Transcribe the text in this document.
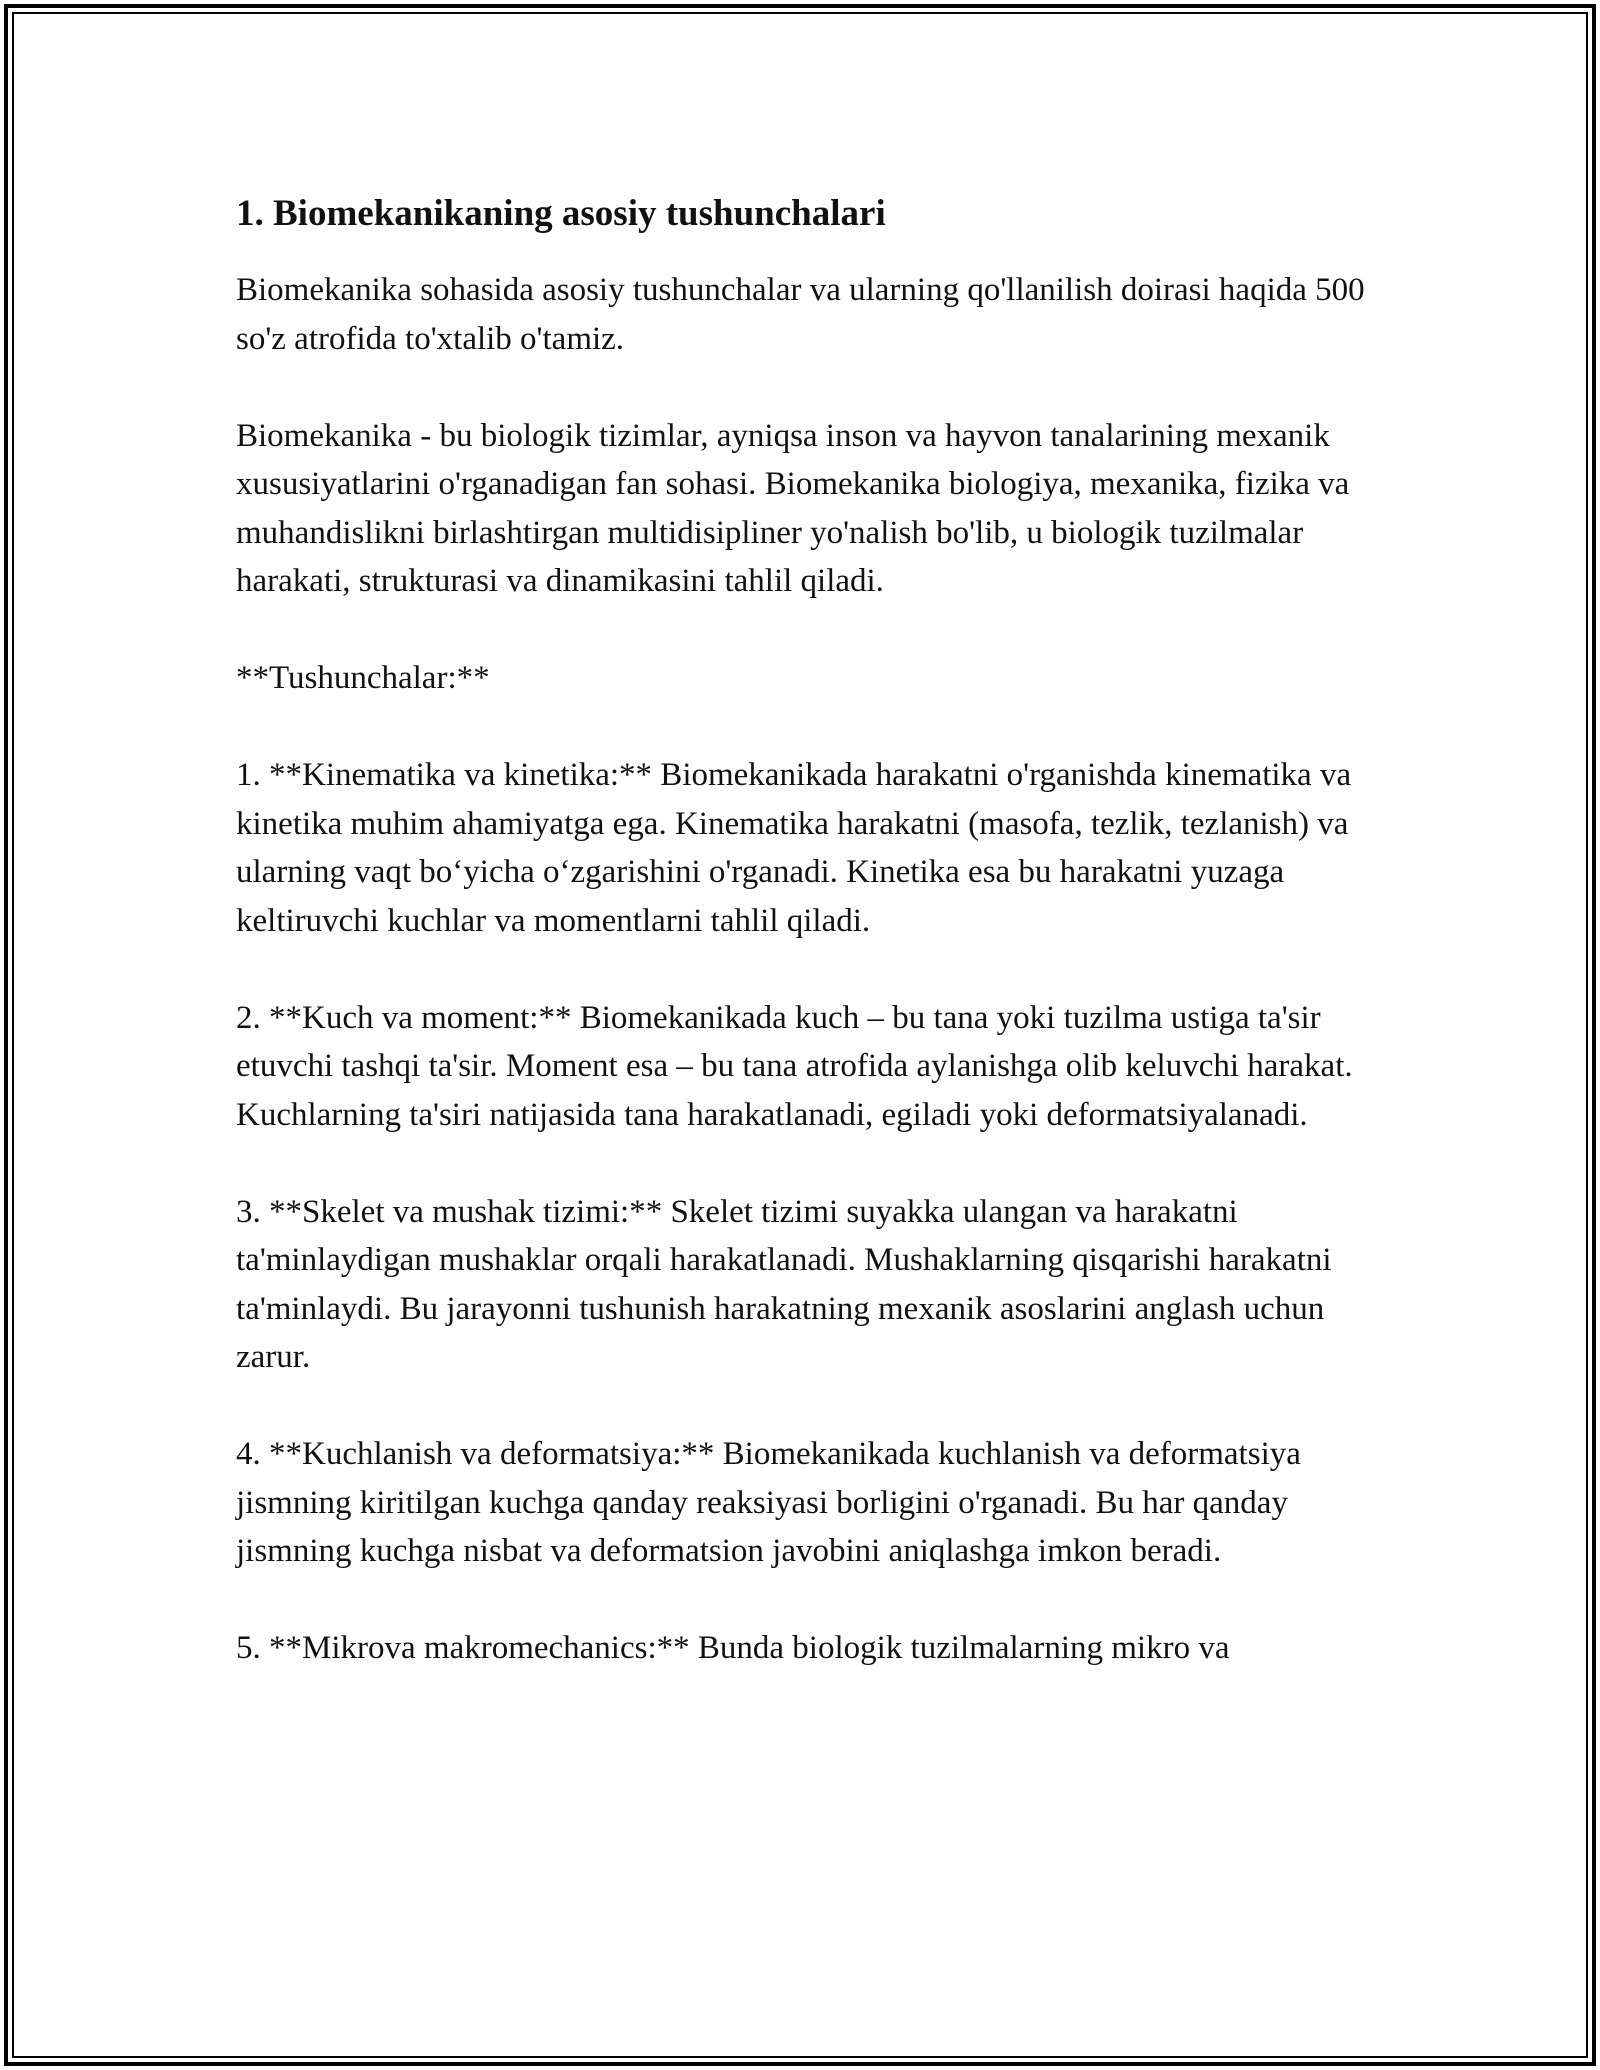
1. Biomekanikaning asosiy tushunchalari

Biomekanika sohasida asosiy tushunchalar va ularning qo'llanilish doirasi haqida 500 so'z atrofida to'xtalib o'tamiz.

Biomekanika - bu biologik tizimlar, ayniqsa inson va hayvon tanalarining mexanik xususiyatlarini o'rganadigan fan sohasi. Biomekanika biologiya, mexanika, fizika va muhandislikni birlashtirgan multidisipliner yo'nalish bo'lib, u biologik tuzilmalar harakati, strukturasi va dinamikasini tahlil qiladi.

**Tushunchalar:**

1. **Kinematika va kinetika:** Biomekanikada harakatni o'rganishda kinematika va kinetika muhim ahamiyatga ega. Kinematika harakatni (masofa, tezlik, tezlanish) va ularning vaqt bo‘yicha o‘zgarishini o'rganadi. Kinetika esa bu harakatni yuzaga keltiruvchi kuchlar va momentlarni tahlil qiladi.

2. **Kuch va moment:** Biomekanikada kuch – bu tana yoki tuzilma ustiga ta'sir etuvchi tashqi ta'sir. Moment esa – bu tana atrofida aylanishga olib keluvchi harakat. Kuchlarning ta'siri natijasida tana harakatlanadi, egiladi yoki deformatsiyalanadi.

3. **Skelet va mushak tizimi:** Skelet tizimi suyakka ulangan va harakatni ta'minlaydigan mushaklar orqali harakatlanadi. Mushaklarning qisqarishi harakatni ta'minlaydi. Bu jarayonni tushunish harakatning mexanik asoslarini anglash uchun zarur.

4. **Kuchlanish va deformatsiya:** Biomekanikada kuchlanish va deformatsiya jismning kiritilgan kuchga qanday reaksiyasi borligini o'rganadi. Bu har qanday jismning kuchga nisbat va deformatsion javobini aniqlashga imkon beradi.

5. **Mikrova makromechanics:** Bunda biologik tuzilmalarning mikro va
